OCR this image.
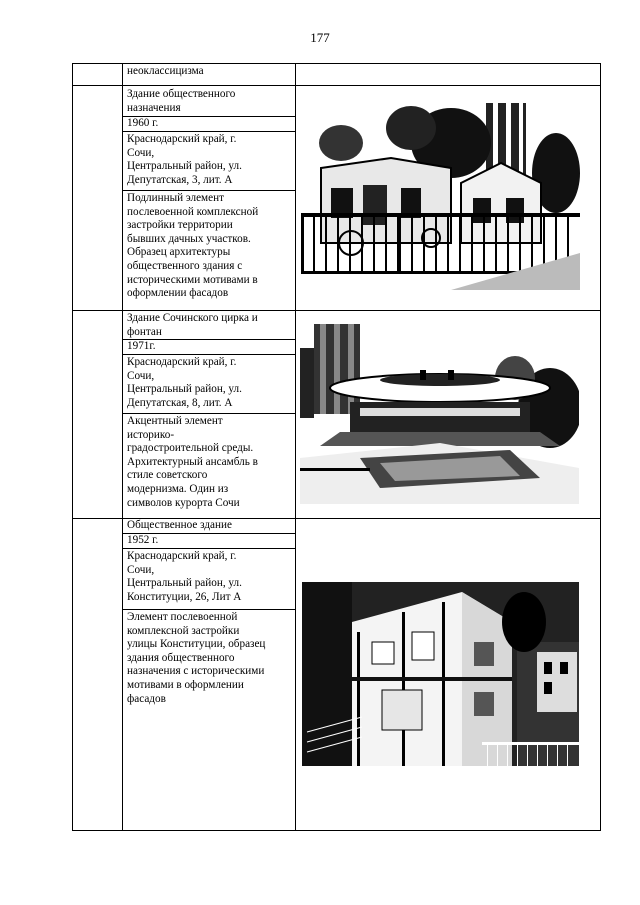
177
неоклассицизма
Здание общественного
назначения
1960 г.
Краснодарский край, г.
Сочи,
Центральный район, ул.
Депутатская, 3, лит. А
Подлинный элемент
послевоенной комплексной
застройки территории
бывших дачных участков.
Образец архитектуры
общественного здания с
историческими мотивами в
оформлении фасадов
Здание Сочинского цирка и
фонтан
1971г.
Краснодарский край, г.
Сочи,
Центральный район, ул.
Депутатская, 8, лит. А
Акцентный элемент
историко-
градостроительной среды.
Архитектурный ансамбль в
стиле советского
модернизма. Один из
символов курорта Сочи
Общественное здание
1952 г.
Краснодарский край, г.
Сочи,
Центральный район, ул.
Конституции, 26, Лит А
Элемент послевоенной
комплексной застройки
улицы Конституции, образец
здания общественного
назначения с историческими
мотивами в оформлении
фасадов
